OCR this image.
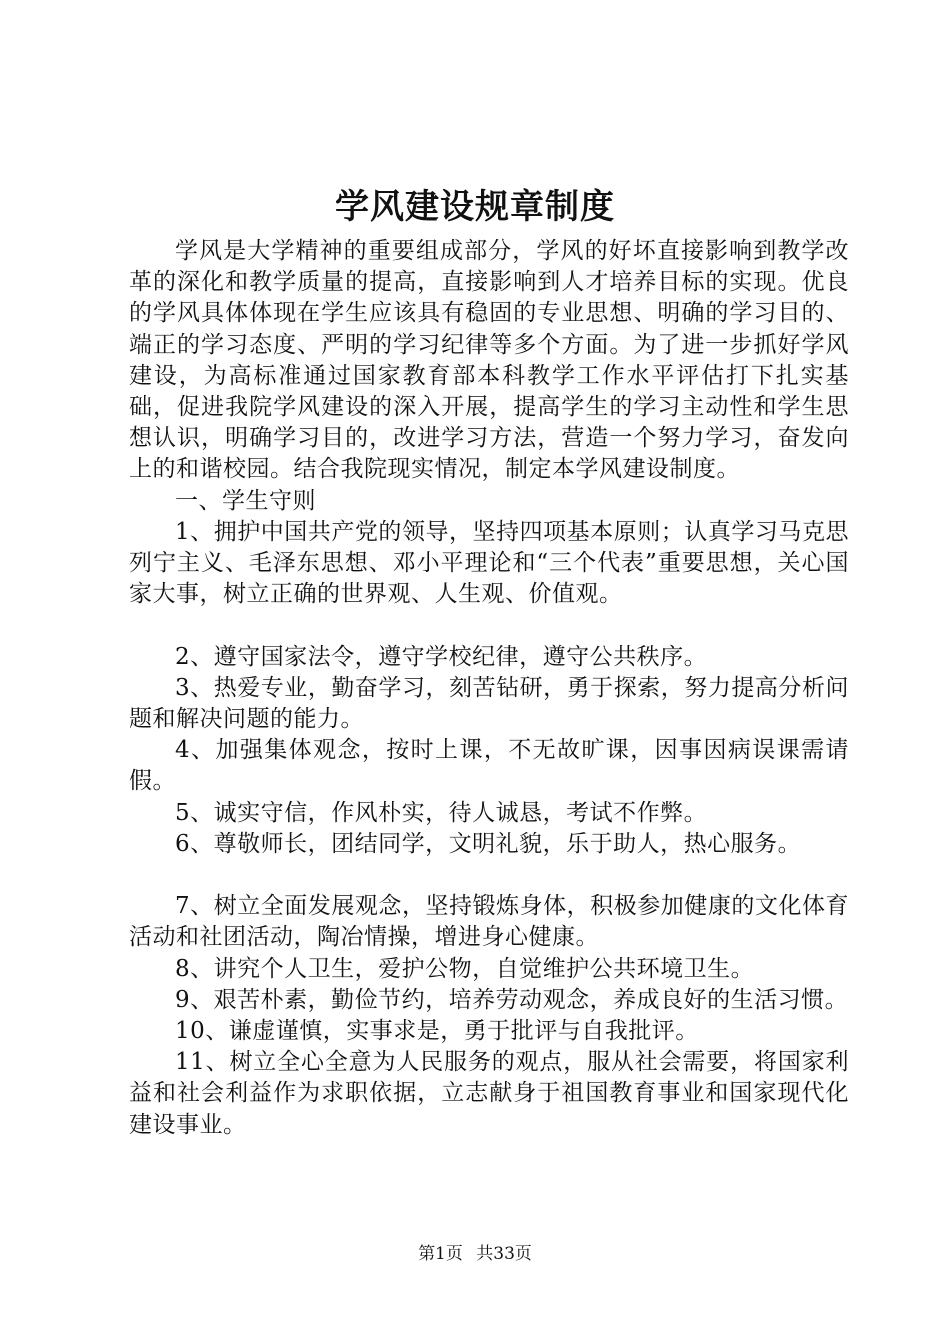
学风建设规章制度

学风是大学精神的重要组成部分，学风的好坏直接影响到教学改革的深化和教学质量的提高，直接影响到人才培养目标的实现。优良的学风具体体现在学生应该具有稳固的专业思想、明确的学习目的、端正的学习态度、严明的学习纪律等多个方面。为了进一步抓好学风建设，为高标准通过国家教育部本科教学工作水平评估打下扎实基础，促进我院学风建设的深入开展，提高学生的学习主动性和学生思想认识，明确学习目的，改进学习方法，营造一个努力学习，奋发向上的和谐校园。结合我院现实情况，制定本学风建设制度。

一、学生守则

1、拥护中国共产党的领导，坚持四项基本原则；认真学习马克思列宁主义、毛泽东思想、邓小平理论和“三个代表”重要思想，关心国家大事，树立正确的世界观、人生观、价值观。

2、遵守国家法令，遵守学校纪律，遵守公共秩序。

3、热爱专业，勤奋学习，刻苦钻研，勇于探索，努力提高分析问题和解决问题的能力。

4、加强集体观念，按时上课，不无故旷课，因事因病误课需请假。

5、诚实守信，作风朴实，待人诚恳，考试不作弊。

6、尊敬师长，团结同学，文明礼貌，乐于助人，热心服务。

7、树立全面发展观念，坚持锻炼身体，积极参加健康的文化体育活动和社团活动，陶冶情操，增进身心健康。

8、讲究个人卫生，爱护公物，自觉维护公共环境卫生。

9、艰苦朴素，勤俭节约，培养劳动观念，养成良好的生活习惯。

10、谦虚谨慎，实事求是，勇于批评与自我批评。

11、树立全心全意为人民服务的观点，服从社会需要，将国家利益和社会利益作为求职依据，立志献身于祖国教育事业和国家现代化建设事业。

第1页 共33页
